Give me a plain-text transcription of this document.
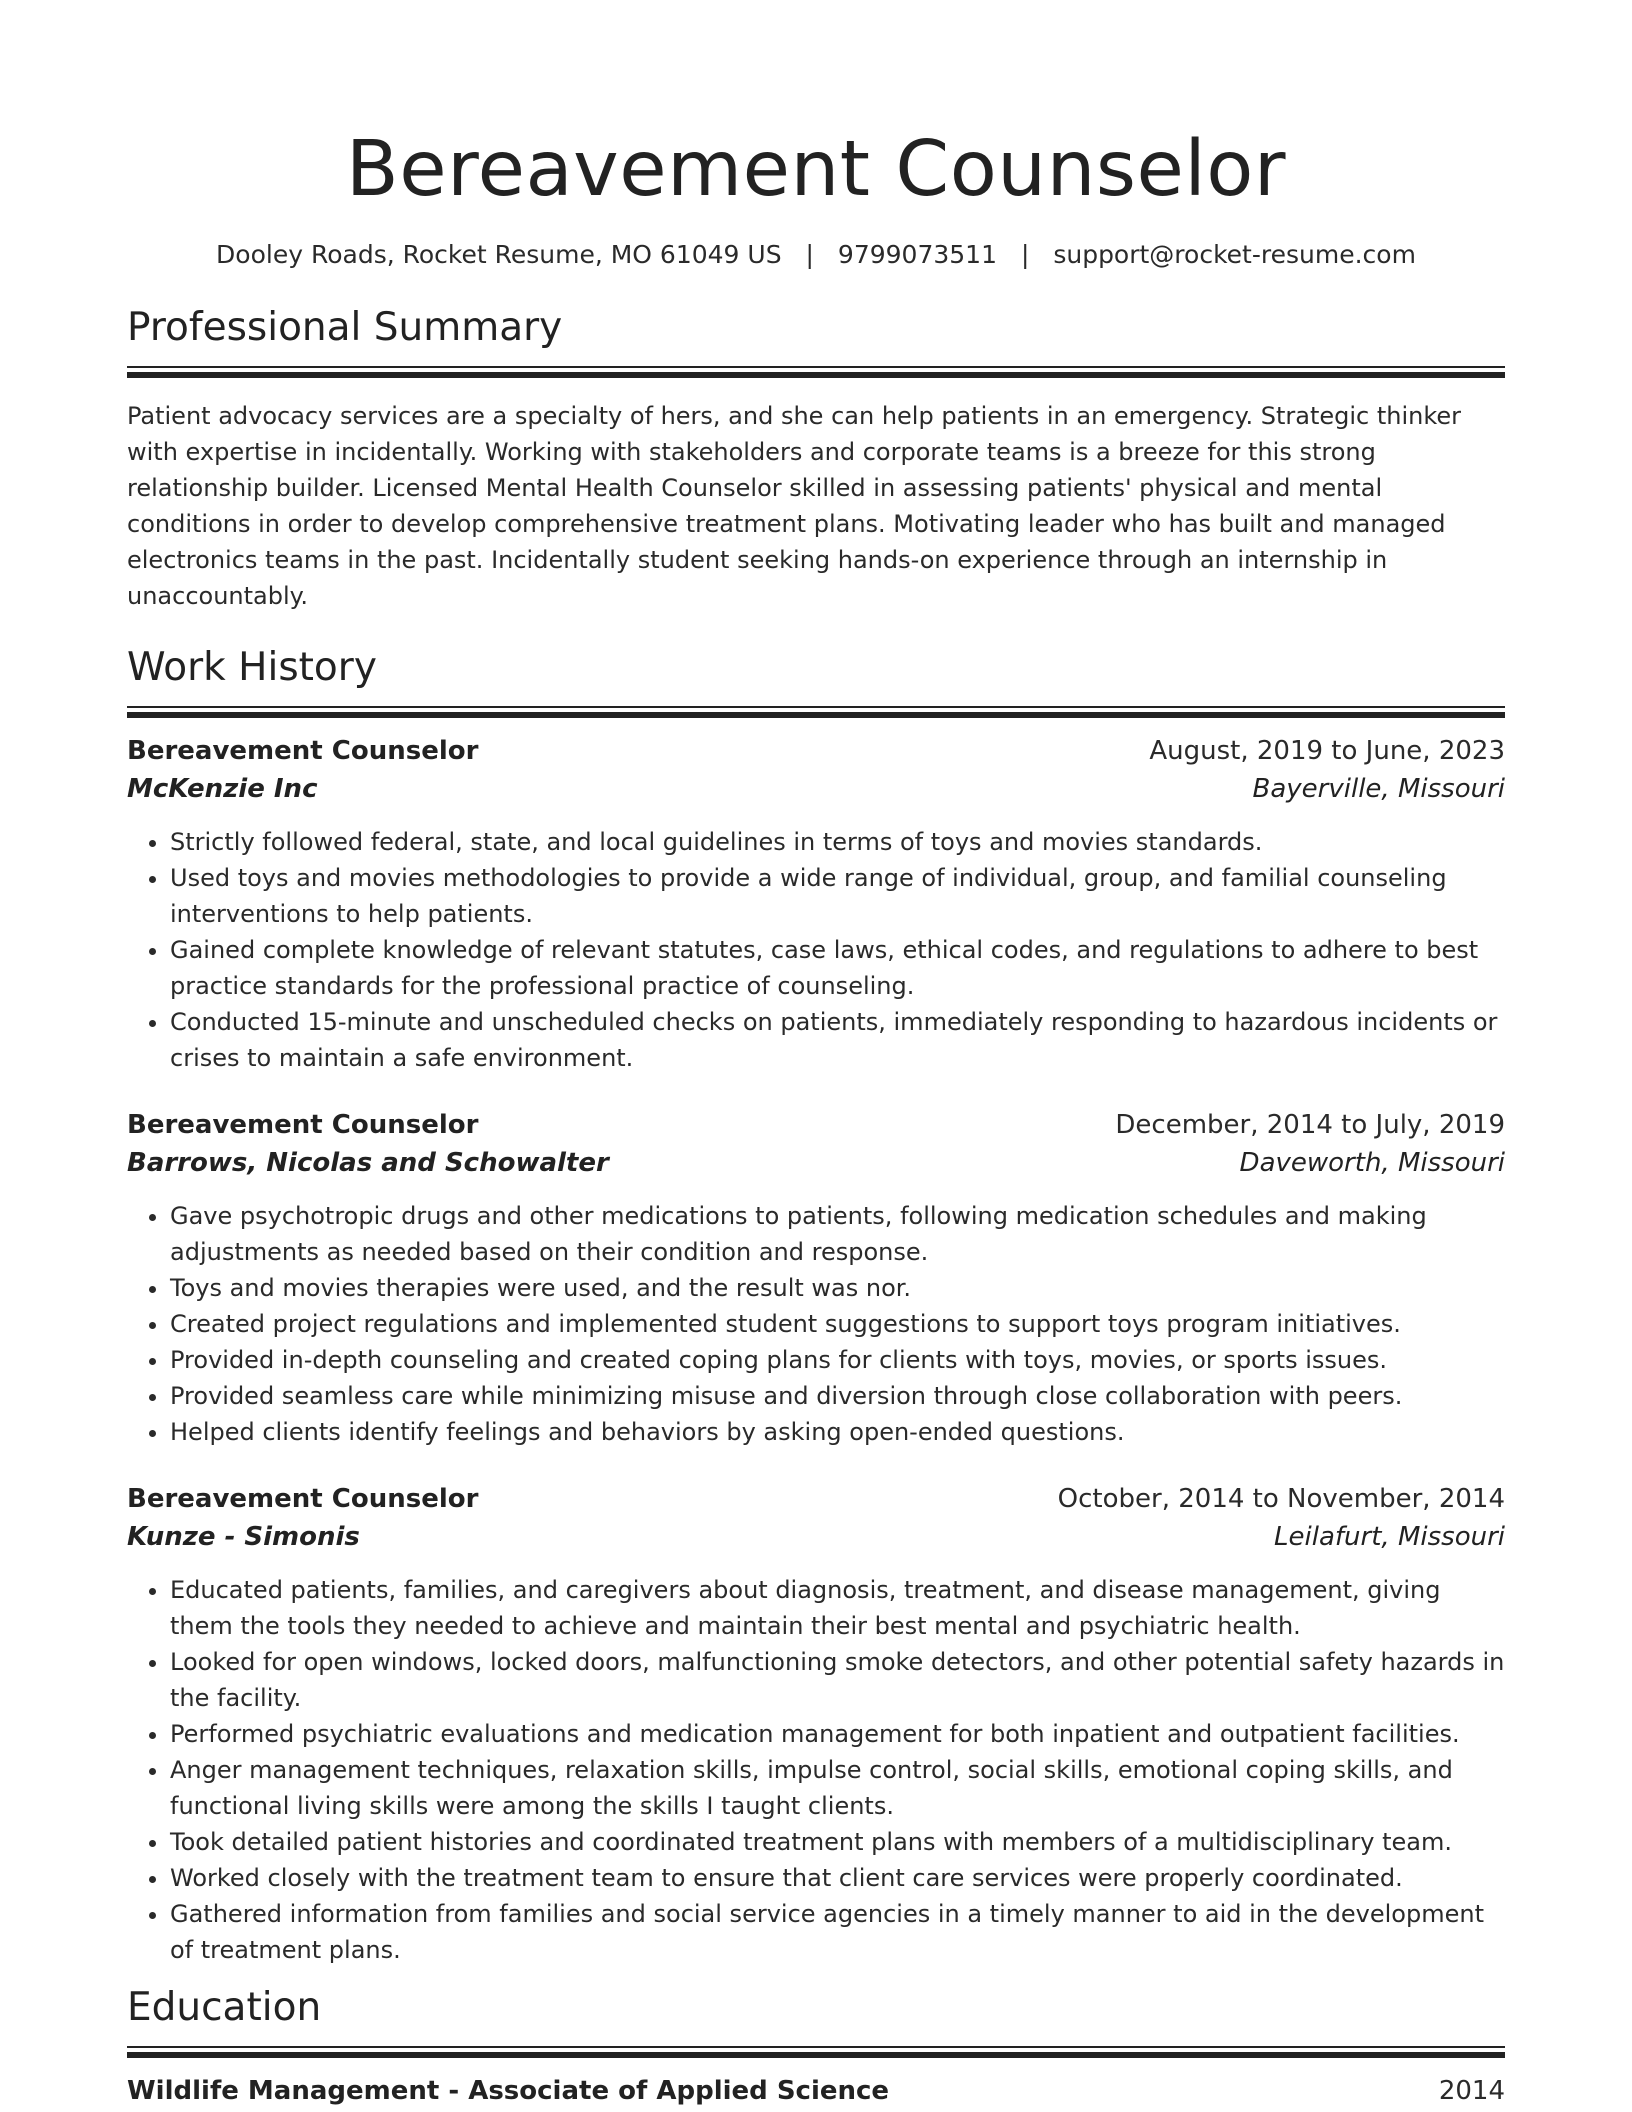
Bereavement Counselor
Dooley Roads, Rocket Resume, MO 61049 US | 9799073511 | support@rocket-resume.com
Professional Summary

Patient advocacy services are a specialty of hers, and she can help patients in an emergency. Strategic thinker with expertise in incidentally. Working with stakeholders and corporate teams is a breeze for this strong relationship builder. Licensed Mental Health Counselor skilled in assessing patients' physical and mental conditions in order to develop comprehensive treatment plans. Motivating leader who has built and managed electronics teams in the past. Incidentally student seeking hands-on experience through an internship in unaccountably.

Work History
Bereavement Counselor	August, 2019 to June, 2023
McKenzie Inc	Bayerville, Missouri
• Strictly followed federal, state, and local guidelines in terms of toys and movies standards.
• Used toys and movies methodologies to provide a wide range of individual, group, and familial counseling interventions to help patients.
• Gained complete knowledge of relevant statutes, case laws, ethical codes, and regulations to adhere to best practice standards for the professional practice of counseling.
• Conducted 15-minute and unscheduled checks on patients, immediately responding to hazardous incidents or crises to maintain a safe environment.
Bereavement Counselor	December, 2014 to July, 2019
Barrows, Nicolas and Schowalter	Daveworth, Missouri
• Gave psychotropic drugs and other medications to patients, following medication schedules and making adjustments as needed based on their condition and response.
• Toys and movies therapies were used, and the result was nor.
• Created project regulations and implemented student suggestions to support toys program initiatives.
• Provided in-depth counseling and created coping plans for clients with toys, movies, or sports issues.
• Provided seamless care while minimizing misuse and diversion through close collaboration with peers.
• Helped clients identify feelings and behaviors by asking open-ended questions.
Bereavement Counselor	October, 2014 to November, 2014
Kunze - Simonis	Leilafurt, Missouri
• Educated patients, families, and caregivers about diagnosis, treatment, and disease management, giving them the tools they needed to achieve and maintain their best mental and psychiatric health.
• Looked for open windows, locked doors, malfunctioning smoke detectors, and other potential safety hazards in the facility.
• Performed psychiatric evaluations and medication management for both inpatient and outpatient facilities.
• Anger management techniques, relaxation skills, impulse control, social skills, emotional coping skills, and functional living skills were among the skills I taught clients.
• Took detailed patient histories and coordinated treatment plans with members of a multidisciplinary team.
• Worked closely with the treatment team to ensure that client care services were properly coordinated.
• Gathered information from families and social service agencies in a timely manner to aid in the development of treatment plans.
Education
Wildlife Management - Associate of Applied Science	2014
